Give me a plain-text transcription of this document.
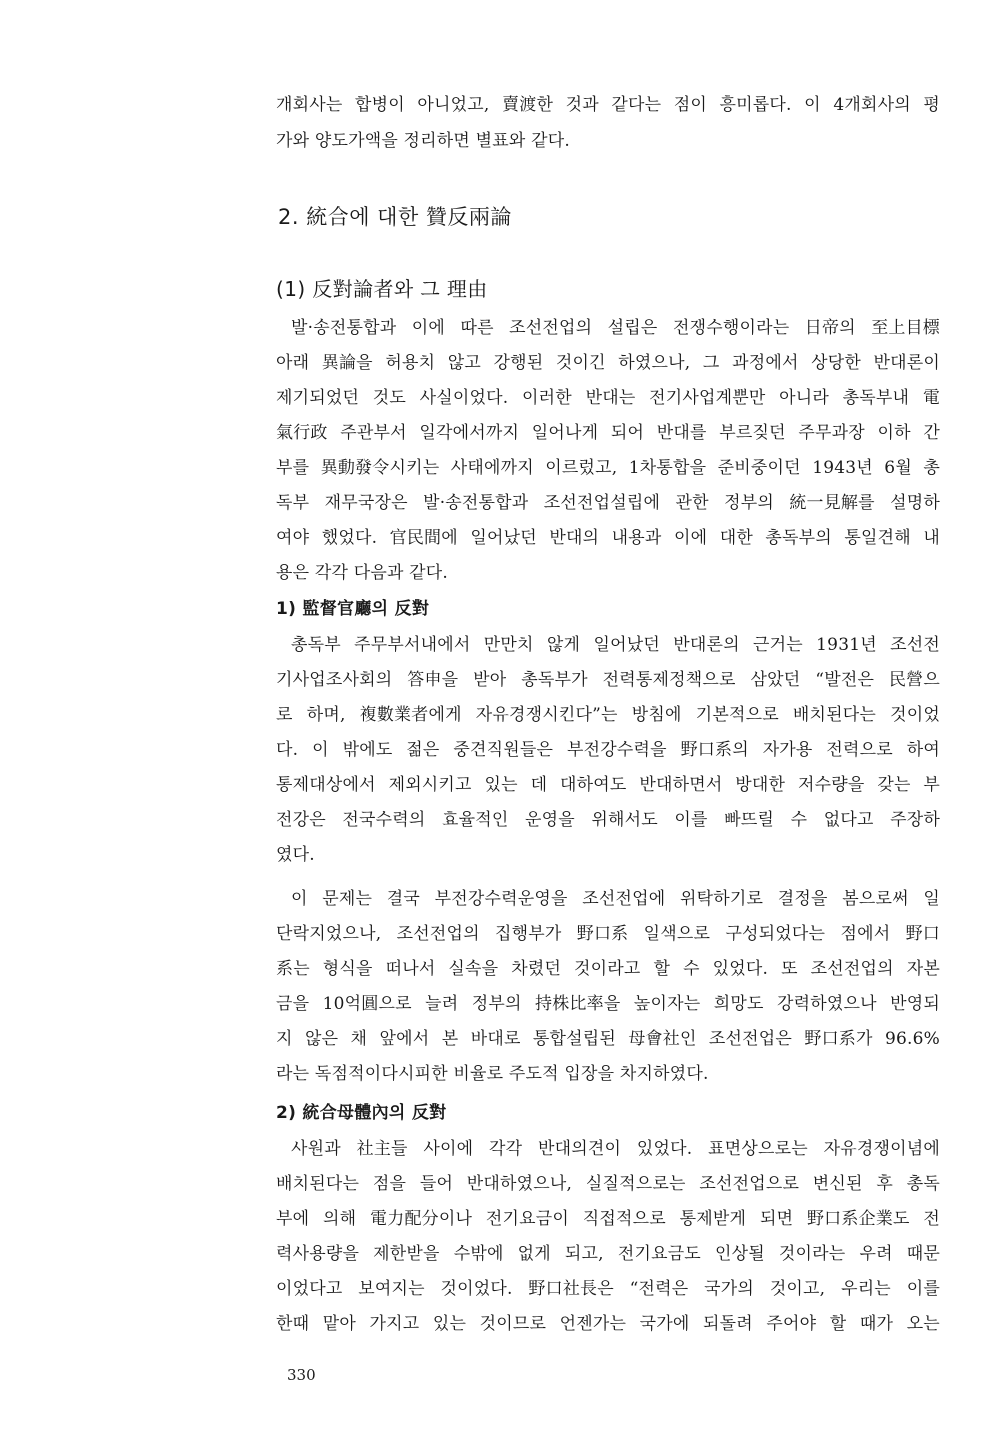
개회사는 합병이 아니었고, 賣渡한 것과 같다는 점이 흥미롭다. 이 4개회사의 평
가와 양도가액을 정리하면 별표와 같다.
2. 統合에 대한 贊反兩論
(1) 反對論者와 그 理由
발·송전통합과 이에 따른 조선전업의 설립은 전쟁수행이라는 日帝의 至上目標
아래 異論을 허용치 않고 강행된 것이긴 하였으나, 그 과정에서 상당한 반대론이
제기되었던 것도 사실이었다. 이러한 반대는 전기사업계뿐만 아니라 총독부내 電
氣行政 주관부서 일각에서까지 일어나게 되어 반대를 부르짖던 주무과장 이하 간
부를 異動發令시키는 사태에까지 이르렀고, 1차통합을 준비중이던 1943년 6월 총
독부 재무국장은 발·송전통합과 조선전업설립에 관한 정부의 統一見解를 설명하
여야 했었다. 官民間에 일어났던 반대의 내용과 이에 대한 총독부의 통일견해 내
용은 각각 다음과 같다.
1) 監督官廳의 反對
총독부 주무부서내에서 만만치 않게 일어났던 반대론의 근거는 1931년 조선전
기사업조사회의 答申을 받아 총독부가 전력통제정책으로 삼았던 “발전은 民營으
로 하며, 複數業者에게 자유경쟁시킨다”는 방침에 기본적으로 배치된다는 것이었
다. 이 밖에도 젊은 중견직원들은 부전강수력을 野口系의 자가용 전력으로 하여
통제대상에서 제외시키고 있는 데 대하여도 반대하면서 방대한 저수량을 갖는 부
전강은 전국수력의 효율적인 운영을 위해서도 이를 빠뜨릴 수 없다고 주장하
였다.
이 문제는 결국 부전강수력운영을 조선전업에 위탁하기로 결정을 봄으로써 일
단락지었으나, 조선전업의 집행부가 野口系 일색으로 구성되었다는 점에서 野口
系는 형식을 떠나서 실속을 차렸던 것이라고 할 수 있었다. 또 조선전업의 자본
금을 10억圓으로 늘려 정부의 持株比率을 높이자는 희망도 강력하였으나 반영되
지 않은 채 앞에서 본 바대로 통합설립된 母會社인 조선전업은 野口系가 96.6%
라는 독점적이다시피한 비율로 주도적 입장을 차지하였다.
2) 統合母體內의 反對
사원과 社主들 사이에 각각 반대의견이 있었다. 표면상으로는 자유경쟁이념에
배치된다는 점을 들어 반대하였으나, 실질적으로는 조선전업으로 변신된 후 총독
부에 의해 電力配分이나 전기요금이 직접적으로 통제받게 되면 野口系企業도 전
력사용량을 제한받을 수밖에 없게 되고, 전기요금도 인상될 것이라는 우려 때문
이었다고 보여지는 것이었다. 野口社長은 “전력은 국가의 것이고, 우리는 이를
한때 맡아 가지고 있는 것이므로 언젠가는 국가에 되돌려 주어야 할 때가 오는
330
